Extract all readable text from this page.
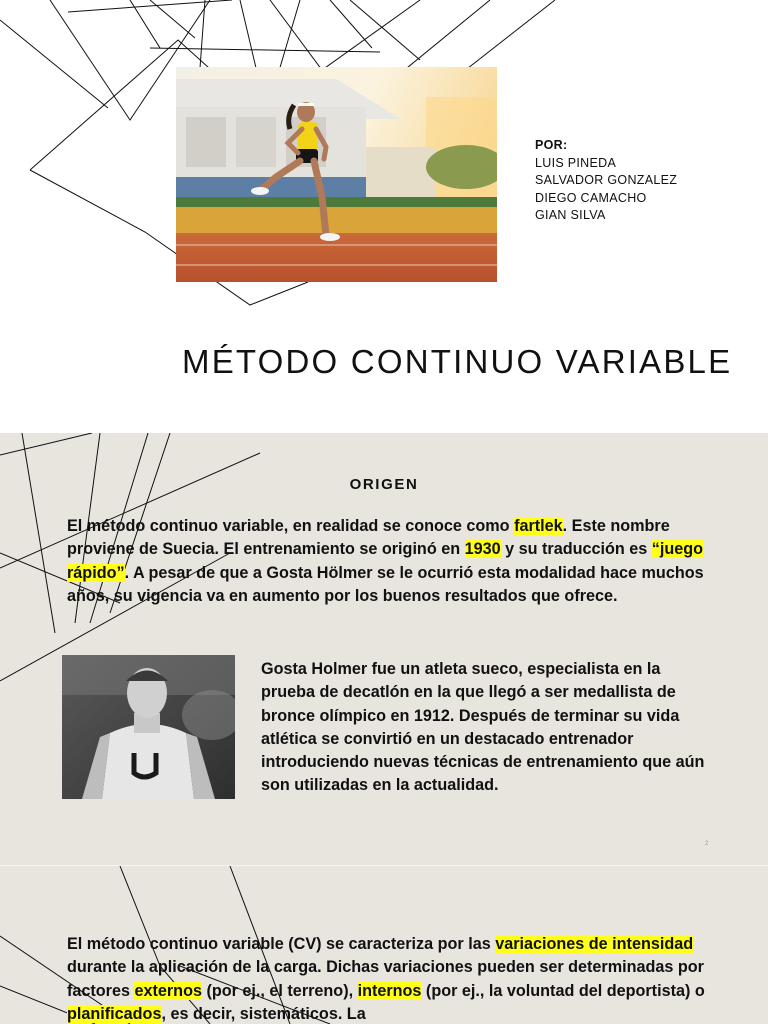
POR:
LUIS PINEDA
SALVADOR GONZALEZ
DIEGO CAMACHO
GIAN SILVA
MÉTODO CONTINUO VARIABLE
ORIGEN

El método continuo variable, en realidad se conoce como fartlek. Este nombre proviene de Suecia. El entrenamiento se originó en 1930 y su traducción es “juego rápido”. A pesar de que a Gosta Hölmer se le ocurrió esta modalidad hace muchos años, su vigencia va en aumento por los buenos resultados que ofrece.

Gosta Holmer fue un atleta sueco, especialista en la prueba de decatlón en la que llegó a ser medallista de bronce olímpico en 1912. Después de terminar su vida atlética se convirtió en un destacado entrenador introduciendo nuevas técnicas de entrenamiento que aún son utilizadas en la actualidad.

2

El método continuo variable (CV) se caracteriza por las variaciones de intensidad durante la aplicación de la carga. Dichas variaciones pueden ser determinadas por factores externos (por ej., el terreno), internos (por ej., la voluntad del deportista) o planificados, es decir, sistemáticos. La
